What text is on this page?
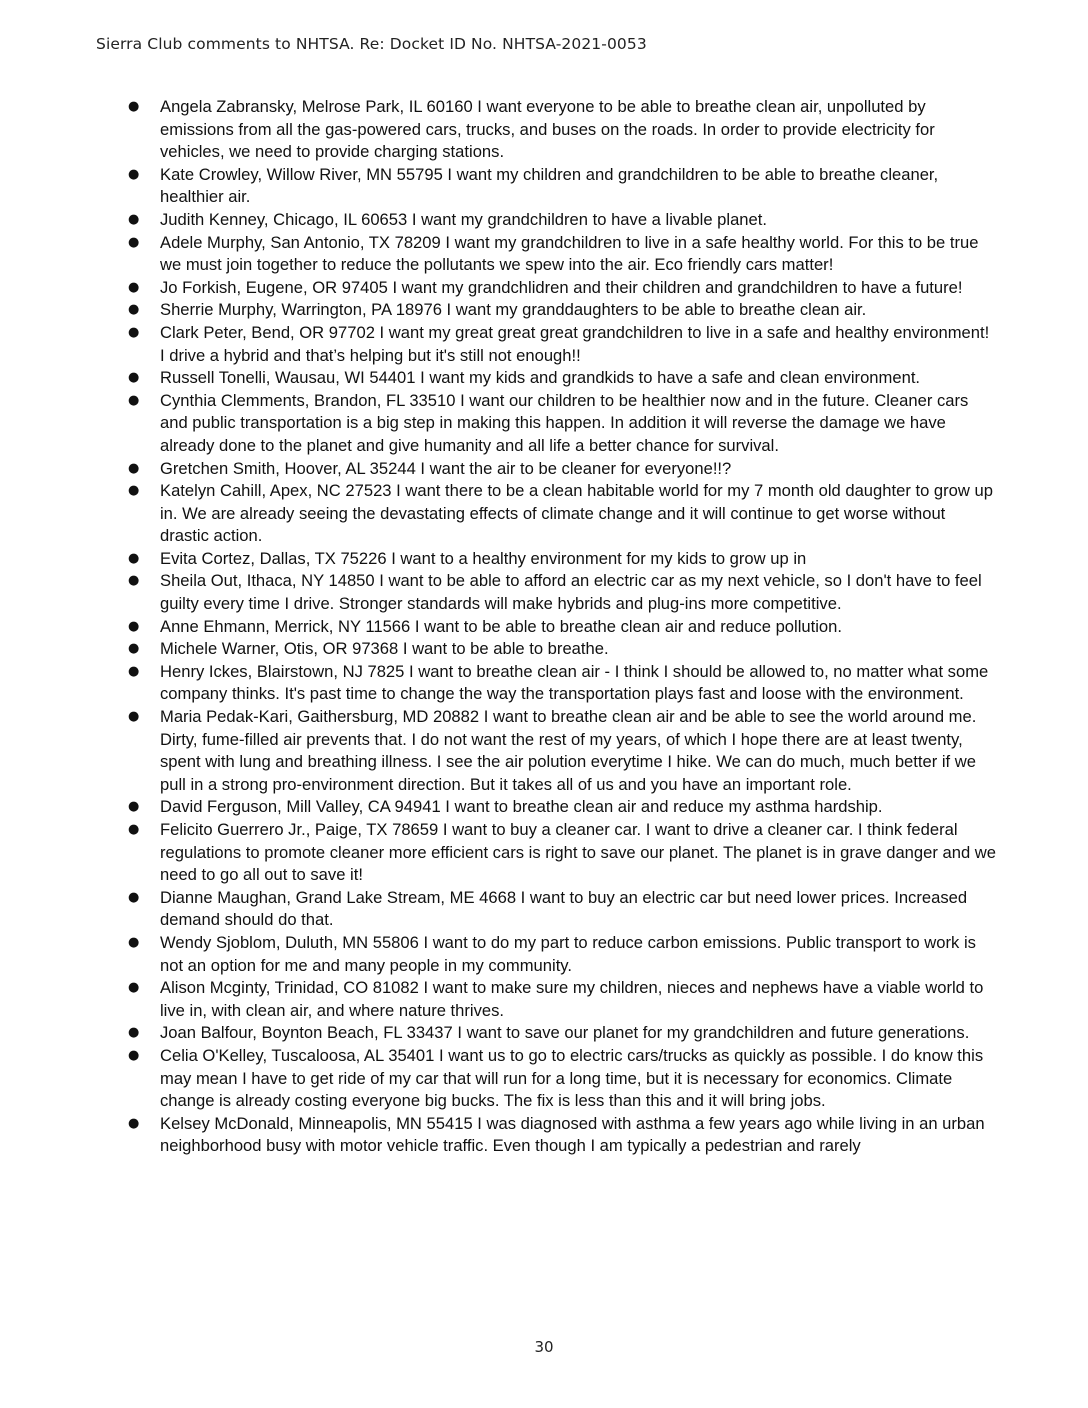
Sierra Club comments to NHTSA. Re: Docket ID No. NHTSA-2021-0053
● Angela Zabransky, Melrose Park, IL 60160 I want everyone to be able to breathe clean air, unpolluted by emissions from all the gas-powered cars, trucks, and buses on the roads. In order to provide electricity for vehicles, we need to provide charging stations.
● Kate Crowley, Willow River, MN 55795 I want my children and grandchildren to be able to breathe cleaner, healthier air.
● Judith Kenney, Chicago, IL 60653 I want my grandchildren to have a livable planet.
● Adele Murphy, San Antonio, TX 78209 I want my grandchildren to live in a safe healthy world. For this to be true we must join together to reduce the pollutants we spew into the air. Eco friendly cars matter!
● Jo Forkish, Eugene, OR 97405 I want my grandchlidren and their children and grandchildren to have a future!
● Sherrie Murphy, Warrington, PA 18976 I want my granddaughters to be able to breathe clean air.
● Clark Peter, Bend, OR 97702 I want my great great great grandchildren to live in a safe and healthy environment! I drive a hybrid and that’s helping but it's still not enough!!
● Russell Tonelli, Wausau, WI 54401 I want my kids and grandkids to have a safe and clean environment.
● Cynthia Clemments, Brandon, FL 33510 I want our children to be healthier now and in the future. Cleaner cars and public transportation is a big step in making this happen. In addition it will reverse the damage we have already done to the planet and give humanity and all life a better chance for survival.
● Gretchen Smith, Hoover, AL 35244 I want the air to be cleaner for everyone!!?
● Katelyn Cahill, Apex, NC 27523 I want there to be a clean habitable world for my 7 month old daughter to grow up in. We are already seeing the devastating effects of climate change and it will continue to get worse without drastic action.
● Evita Cortez, Dallas, TX 75226 I want to a healthy environment for my kids to grow up in
● Sheila Out, Ithaca, NY 14850 I want to be able to afford an electric car as my next vehicle, so I don't have to feel guilty every time I drive. Stronger standards will make hybrids and plug-ins more competitive.
● Anne Ehmann, Merrick, NY 11566 I want to be able to breathe clean air and reduce pollution.
● Michele Warner, Otis, OR 97368 I want to be able to breathe.
● Henry Ickes, Blairstown, NJ 7825 I want to breathe clean air - I think I should be allowed to, no matter what some company thinks. It's past time to change the way the transportation plays fast and loose with the environment.
● Maria Pedak-Kari, Gaithersburg, MD 20882 I want to breathe clean air and be able to see the world around me. Dirty, fume-filled air prevents that. I do not want the rest of my years, of which I hope there are at least twenty, spent with lung and breathing illness. I see the air polution everytime I hike. We can do much, much better if we pull in a strong pro-environment direction. But it takes all of us and you have an important role.
● David Ferguson, Mill Valley, CA 94941 I want to breathe clean air and reduce my asthma hardship.
● Felicito Guerrero Jr., Paige, TX 78659 I want to buy a cleaner car. I want to drive a cleaner car. I think federal regulations to promote cleaner more efficient cars is right to save our planet. The planet is in grave danger and we need to go all out to save it!
● Dianne Maughan, Grand Lake Stream, ME 4668 I want to buy an electric car but need lower prices. Increased demand should do that.
● Wendy Sjoblom, Duluth, MN 55806 I want to do my part to reduce carbon emissions. Public transport to work is not an option for me and many people in my community.
● Alison Mcginty, Trinidad, CO 81082 I want to make sure my children, nieces and nephews have a viable world to live in, with clean air, and where nature thrives.
● Joan Balfour, Boynton Beach, FL 33437 I want to save our planet for my grandchildren and future generations.
● Celia O'Kelley, Tuscaloosa, AL 35401 I want us to go to electric cars/trucks as quickly as possible. I do know this may mean I have to get ride of my car that will run for a long time, but it is necessary for economics. Climate change is already costing everyone big bucks. The fix is less than this and it will bring jobs.
● Kelsey McDonald, Minneapolis, MN 55415 I was diagnosed with asthma a few years ago while living in an urban neighborhood busy with motor vehicle traffic. Even though I am typically a pedestrian and rarely
30
